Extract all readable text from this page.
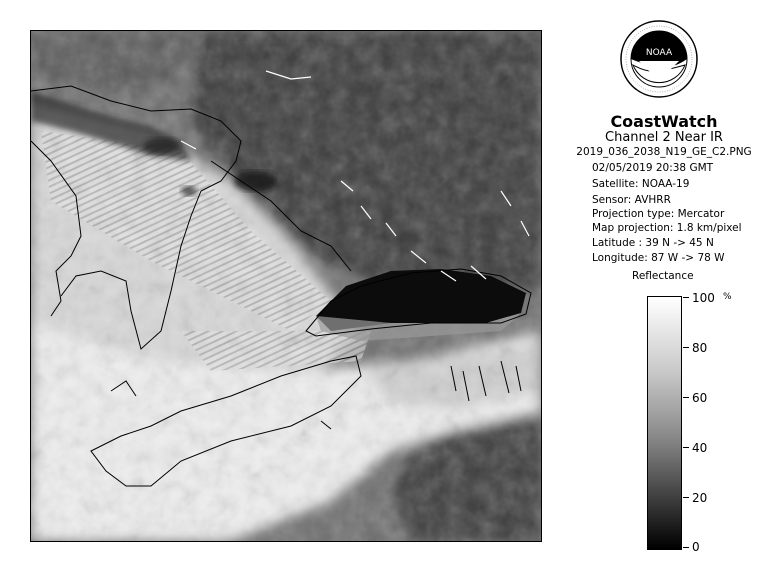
NOAA
CoastWatch
Channel 2 Near IR
2019_036_2038_N19_GE_C2.PNG
02/05/2019 20:38 GMT
Satellite: NOAA-19
Sensor: AVHRR
Projection type: Mercator
Map projection: 1.8 km/pixel
Latitude : 39 N -> 45 N
Longitude: 87 W -> 78 W
Reflectance
%
100
80
60
40
20
0
